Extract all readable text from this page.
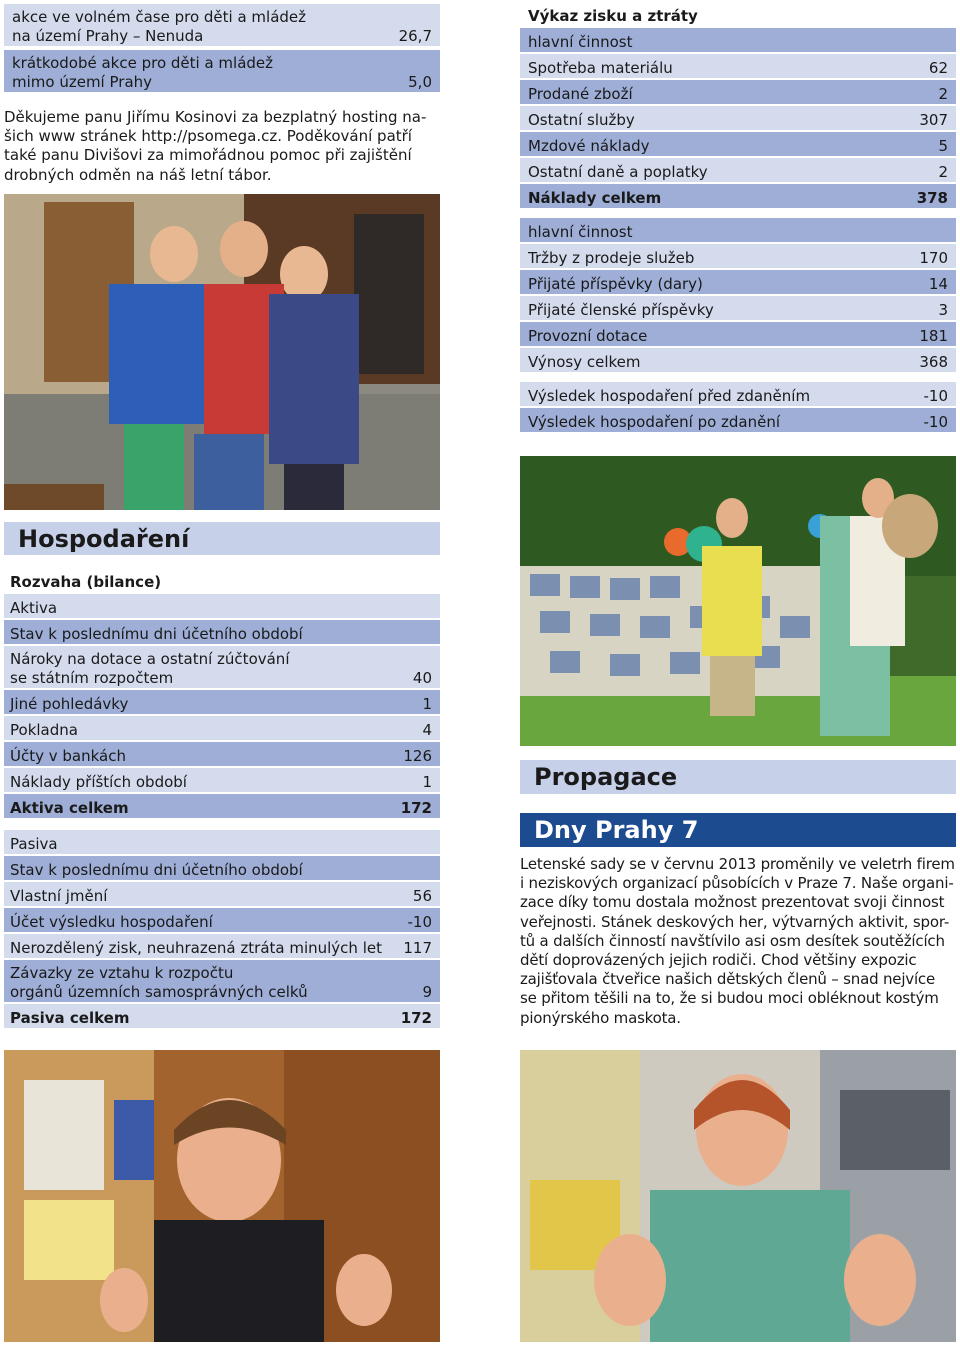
akce ve volném čase pro děti a mládež
na území Prahy – Nenuda	26,7
krátkodobé akce pro děti a mládež
mimo území Prahy	5,0

Děkujeme panu Jiřímu Kosinovi za bezplatný hosting na-

šich www stránek http://psomega.cz. Poděkování patří

také panu Divišovi za mimořádnou pomoc při zajištění

drobných odměn na náš letní tábor.

Výkaz zisku a ztráty
hlavní činnost
Spotřeba materiálu	62
Prodané zboží	2
Ostatní služby	307
Mzdové náklady	5
Ostatní daně a poplatky	2
Náklady celkem	378
hlavní činnost
Tržby z prodeje služeb	170
Přijaté příspěvky (dary)	14
Přijaté členské příspěvky	3
Provozní dotace	181
Výnosy celkem	368
Výsledek hospodaření před zdaněním	-10
Výsledek hospodaření po zdanění	-10
Hospodaření
Rozvaha (bilance)
Aktiva
Stav k poslednímu dni účetního období
Nároky na dotace a ostatní zúčtování
se státním rozpočtem	40
Jiné pohledávky	1
Pokladna	4
Účty v bankách	126
Náklady příštích období	1
Aktiva celkem	172
Pasiva
Stav k poslednímu dni účetního období
Vlastní jmění	56
Účet výsledku hospodaření	-10
Nerozdělený zisk, neuhrazená ztráta minulých let	117
Závazky ze vztahu k rozpočtu
orgánů územních samosprávných celků	9
Pasiva celkem	172
Propagace
Dny Prahy 7

Letenské sady se v červnu 2013 proměnily ve veletrh firem

i neziskových organizací působících v Praze 7. Naše organi-

zace díky tomu dostala možnost prezentovat svoji činnost

veřejnosti. Stánek deskových her, výtvarných aktivit, spor-

tů a dalších činností navštívilo asi osm desítek soutěžících

dětí doprovázených jejich rodiči. Chod většiny expozic

zajišťovala čtveřice našich dětských členů – snad nejvíce

se přitom těšili na to, že si budou moci obléknout kostým

pionýrského maskota.
